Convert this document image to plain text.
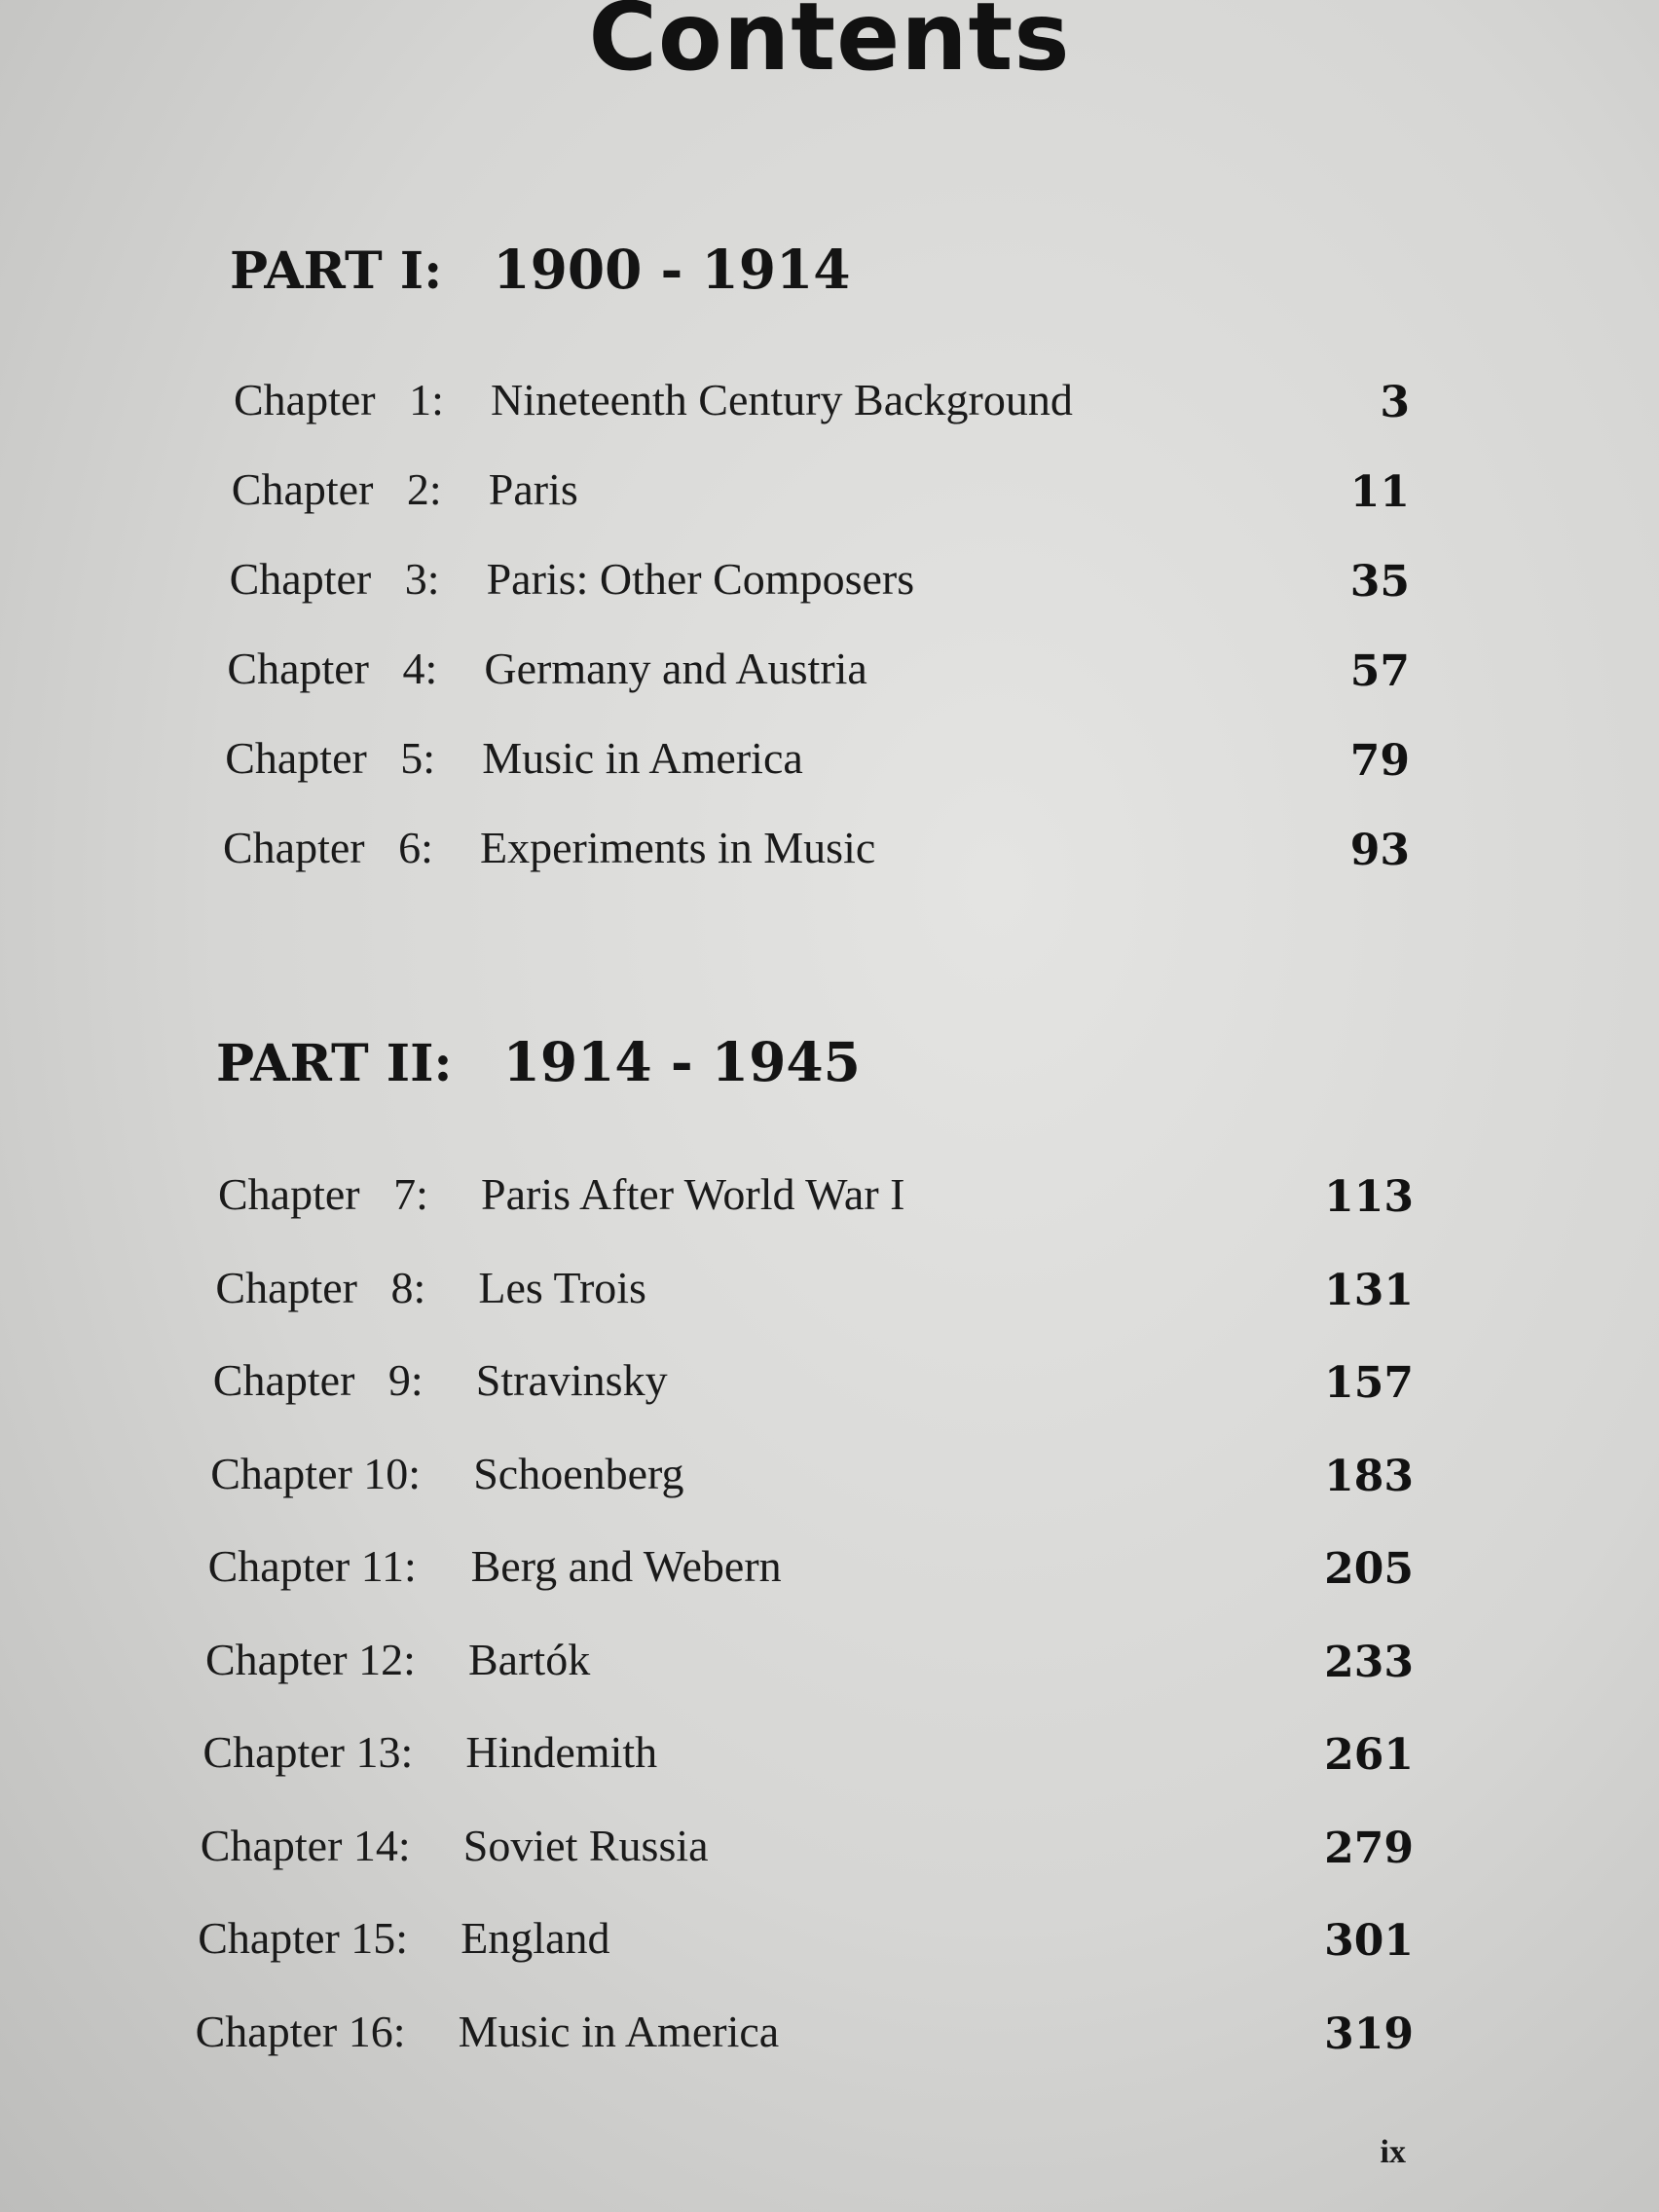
Contents
PART I: 1900 - 1914
Chapter   1: Nineteenth Century Background	3
Chapter   2: Paris	11
Chapter   3: Paris: Other Composers	35
Chapter   4: Germany and Austria	57
Chapter   5: Music in America	79
Chapter   6: Experiments in Music	93
PART II: 1914 - 1945
Chapter   7: Paris After World War I	113
Chapter   8: Les Trois	131
Chapter   9: Stravinsky	157
Chapter 10: Schoenberg	183
Chapter 11: Berg and Webern	205
Chapter 12: Bartók	233
Chapter 13: Hindemith	261
Chapter 14: Soviet Russia	279
Chapter 15: England	301
Chapter 16: Music in America	319
ix
